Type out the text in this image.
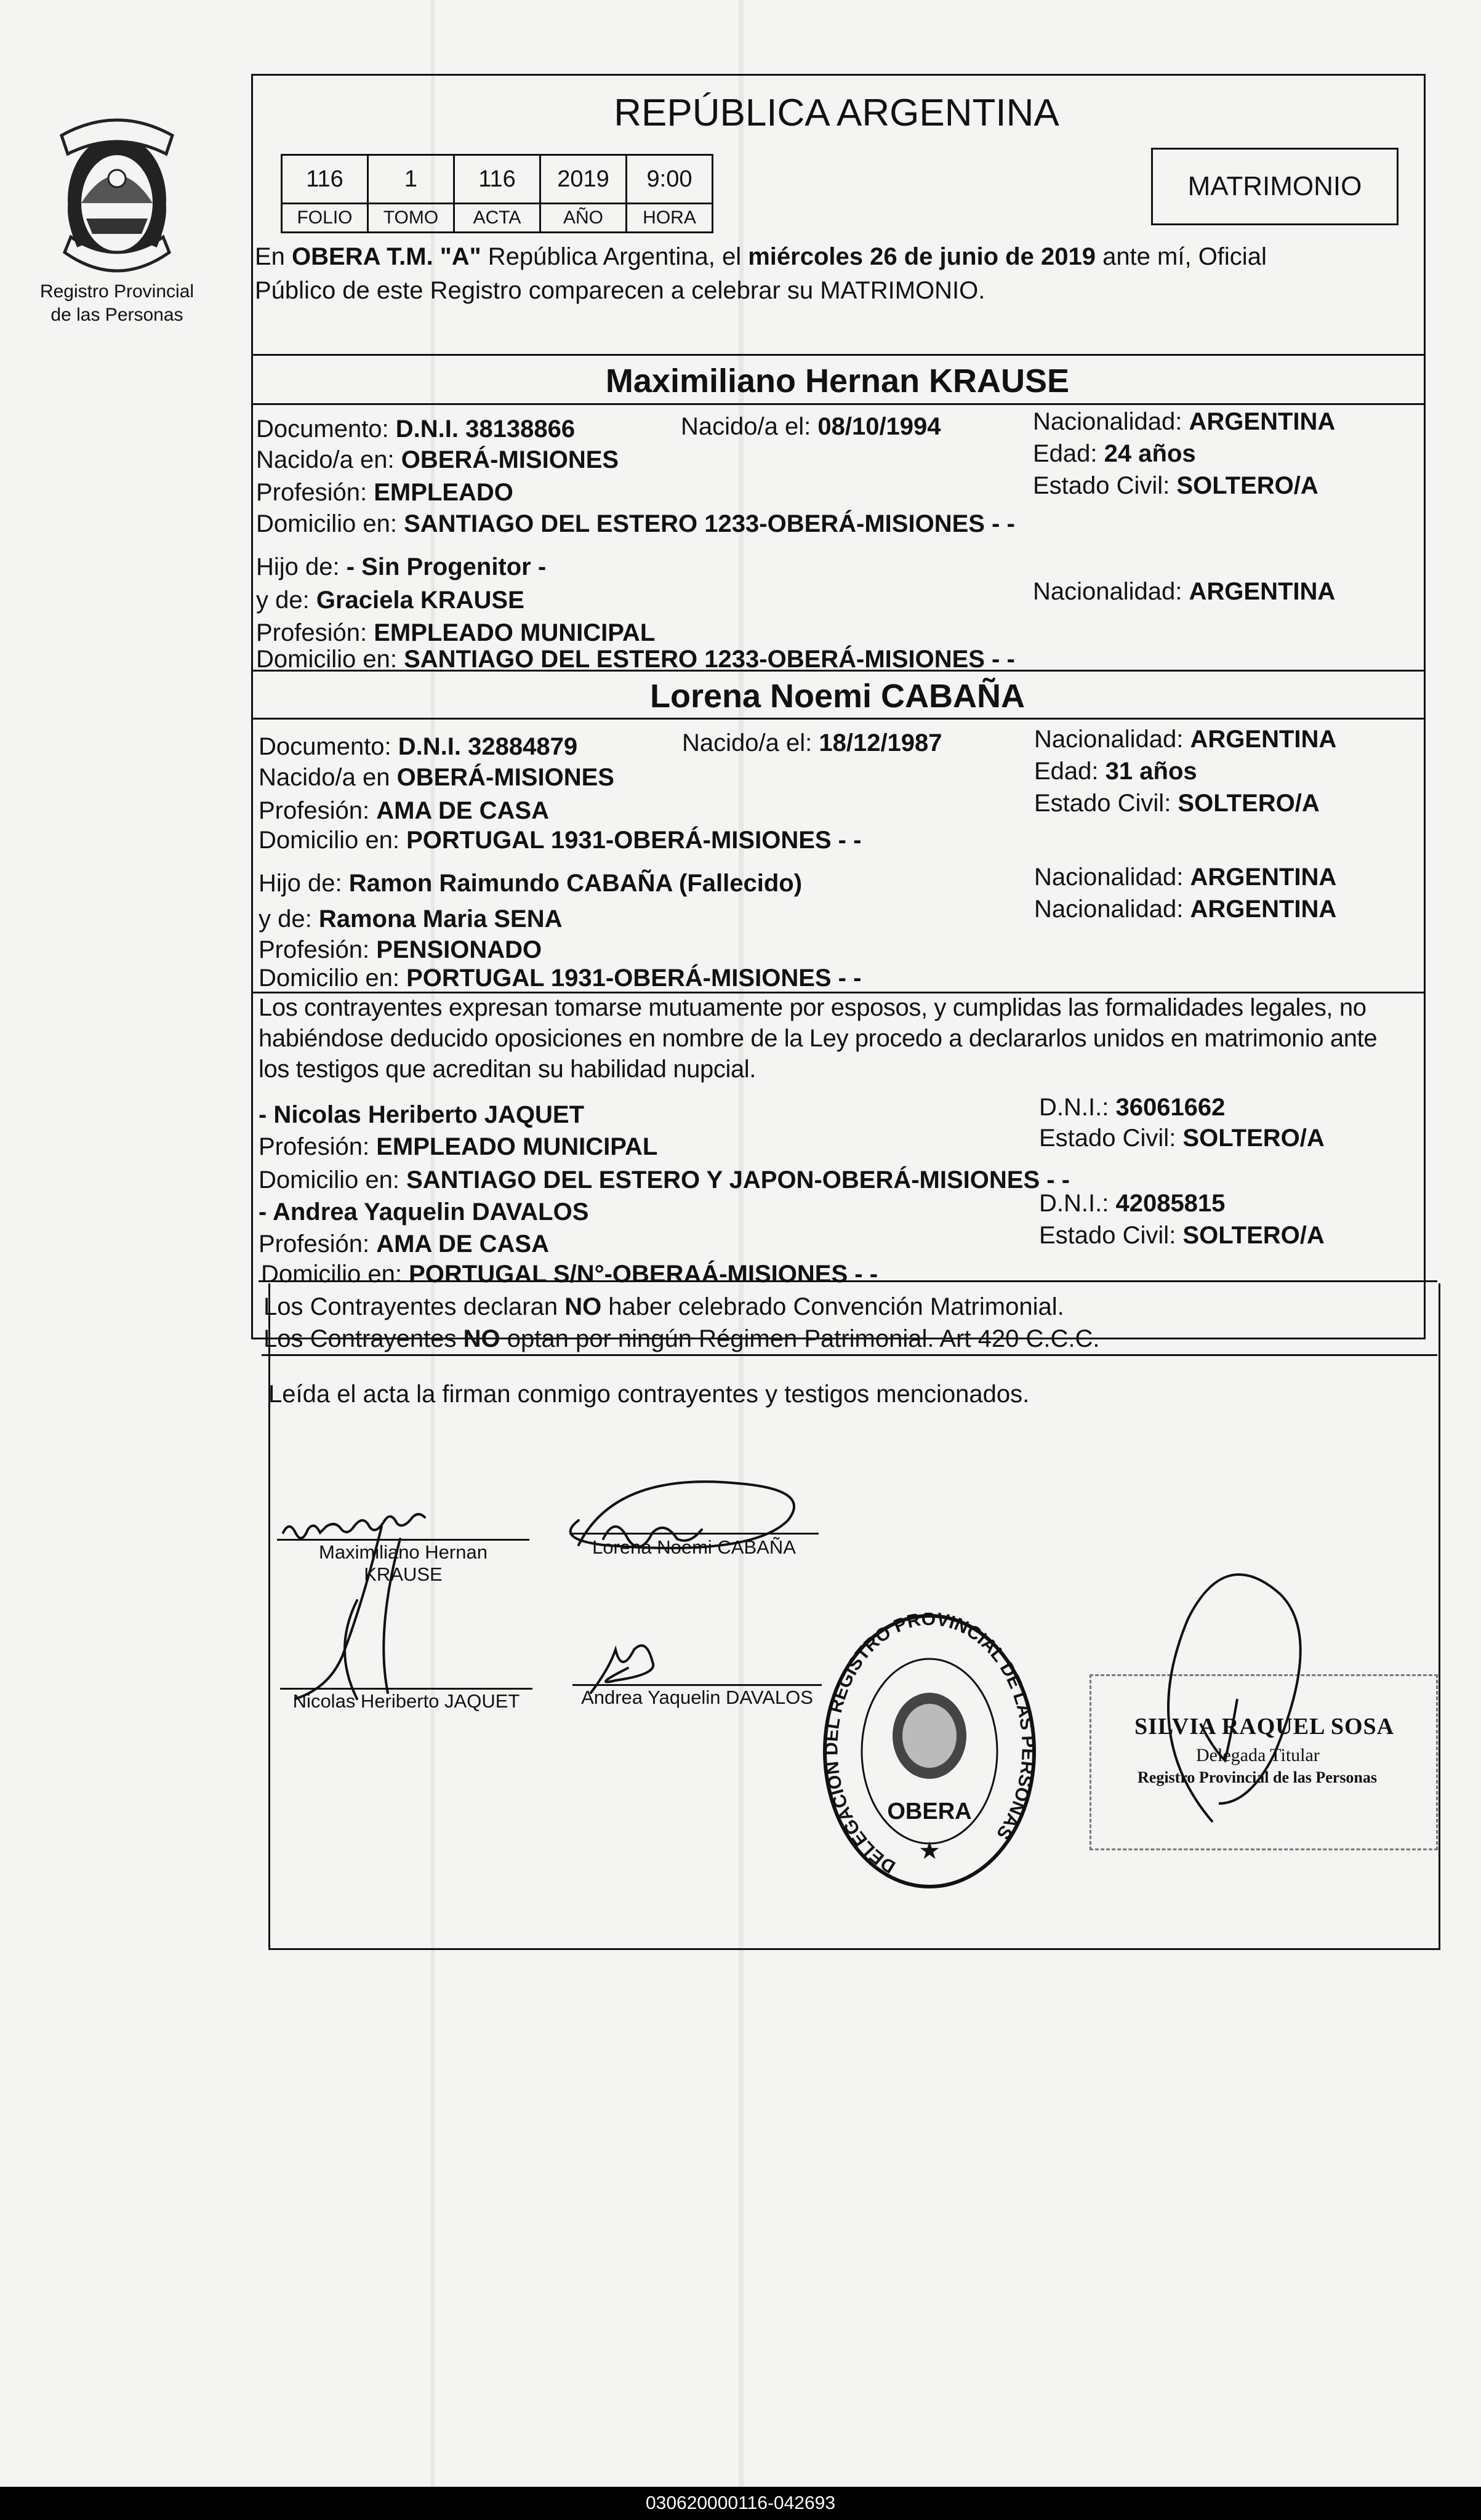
Registro Provincial
de las Personas
REPÚBLICA ARGENTINA
116	1	116	2019	9:00
FOLIO	TOMO	ACTA	AÑO	HORA
MATRIMONIO
En OBERA T.M. "A" República Argentina, el miércoles 26 de junio de 2019 ante mí, Oficial
Público de este Registro comparecen a celebrar su MATRIMONIO.
Maximiliano Hernan KRAUSE
Documento: D.N.I. 38138866	Nacido/a el: 08/10/1994	Nacionalidad: ARGENTINA
Nacido/a en: OBERÁ-MISIONES	Edad: 24 años
Profesión: EMPLEADO	Estado Civil: SOLTERO/A
Domicilio en: SANTIAGO DEL ESTERO 1233-OBERÁ-MISIONES - -
Hijo de: - Sin Progenitor -
y de: Graciela KRAUSE	Nacionalidad: ARGENTINA
Profesión: EMPLEADO MUNICIPAL
Domicilio en: SANTIAGO DEL ESTERO 1233-OBERÁ-MISIONES - -
Lorena Noemi CABAÑA
Documento: D.N.I. 32884879	Nacido/a el: 18/12/1987	Nacionalidad: ARGENTINA
Nacido/a en OBERÁ-MISIONES	Edad: 31 años
Profesión: AMA DE CASA	Estado Civil: SOLTERO/A
Domicilio en: PORTUGAL 1931-OBERÁ-MISIONES - -
Hijo de: Ramon Raimundo CABAÑA (Fallecido)	Nacionalidad: ARGENTINA
y de: Ramona Maria SENA	Nacionalidad: ARGENTINA
Profesión: PENSIONADO
Domicilio en: PORTUGAL 1931-OBERÁ-MISIONES - -
Los contrayentes expresan tomarse mutuamente por esposos, y cumplidas las formalidades legales, no
habiéndose deducido oposiciones en nombre de la Ley procedo a declararlos unidos en matrimonio ante
los testigos que acreditan su habilidad nupcial.
- Nicolas Heriberto JAQUET	D.N.I.: 36061662
Profesión: EMPLEADO MUNICIPAL	Estado Civil: SOLTERO/A
Domicilio en: SANTIAGO DEL ESTERO Y JAPON-OBERÁ-MISIONES - -
- Andrea Yaquelin DAVALOS	D.N.I.: 42085815
Profesión: AMA DE CASA	Estado Civil: SOLTERO/A
Domicilio en: PORTUGAL S/N°-OBERAÁ-MISIONES - -
Los Contrayentes declaran NO haber celebrado Convención Matrimonial.
Los Contrayentes NO optan por ningún Régimen Patrimonial. Art 420 C.C.C.
Leída el acta la firman conmigo contrayentes y testigos mencionados.
Maximiliano Hernan
KRAUSE
Lorena Noemi CABAÑA
Nicolas Heriberto JAQUET	Andrea Yaquelin DAVALOS
DELEGACION DEL REGISTRO PROVINCIAL DE LAS PERSONAS
OBERA
★
SILVIA RAQUEL SOSA
Delegada Titular
Registro Provincial de las Personas
030620000116-042693
